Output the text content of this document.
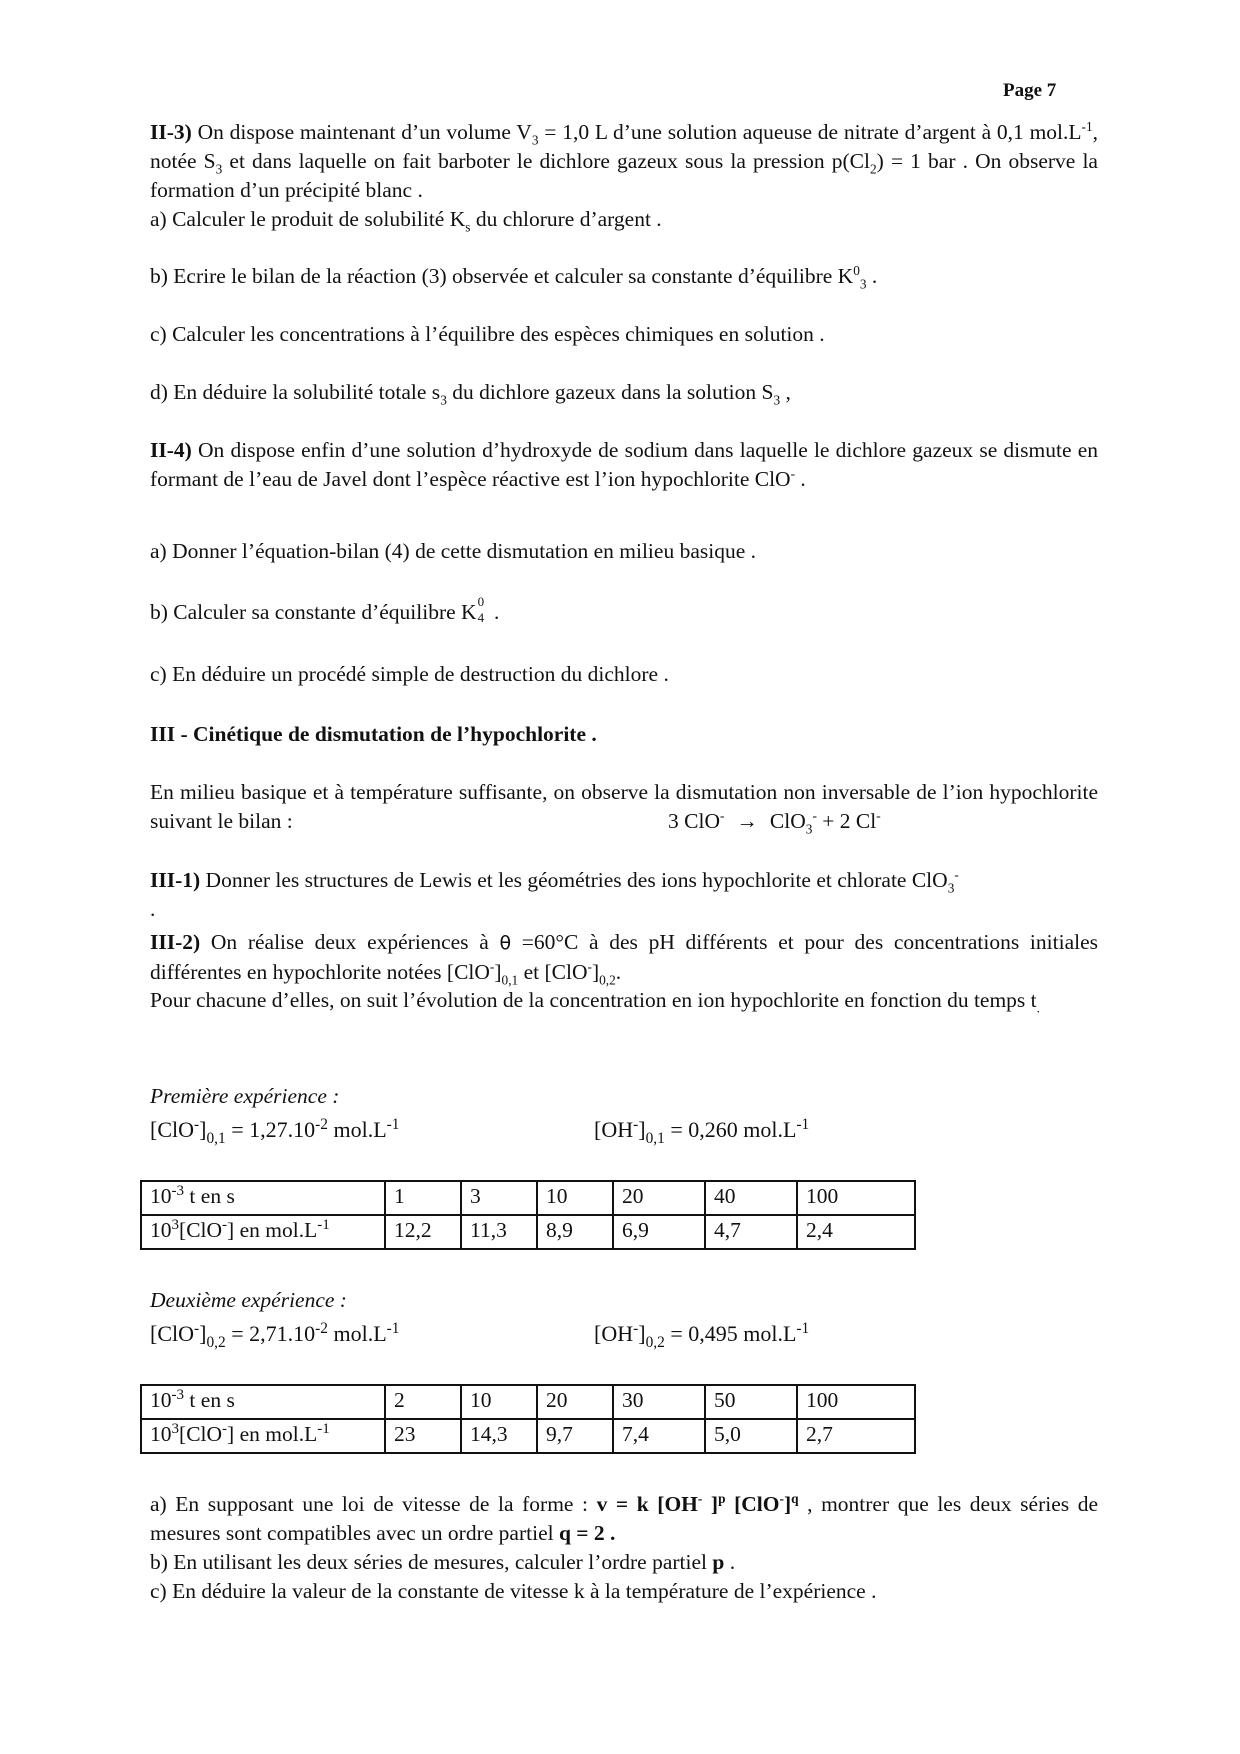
Page 7
II-3) On dispose maintenant d’un volume $V_3 = 1,0$ L d’une solution aqueuse de nitrate d’argent à 0,1 $mol.L^{-1}$, notée $S_3$ et dans laquelle on fait barboter le dichlore gazeux sous la pression $p(Cl_2) = 1$ bar . On observe la formation d’un précipité blanc .
a) Calculer le produit de solubilité $K_s$ du chlorure d’argent .
b) Ecrire le bilan de la réaction (3) observée et calculer sa constante d’équilibre $K^0_3$ .
c) Calculer les concentrations à l’équilibre des espèces chimiques en solution .
d) En déduire la solubilité totale $s_3$ du dichlore gazeux dans la solution $S_3$ ,
II-4) On dispose enfin d’une solution d’hydroxyde de sodium dans laquelle le dichlore gazeux se dismute en formant de l’eau de Javel dont l’espèce réactive est l’ion hypochlorite ClO- .
a) Donner l’équation-bilan (4) de cette dismutation en milieu basique .
b) Calculer sa constante d’équilibre K 0
4 .
c) En déduire un procédé simple de destruction du dichlore .
III - Cinétique de dismutation de l’hypochlorite .
En milieu basique et à température suffisante, on observe la dismutation non inversable de l’ion hypochlorite suivant le bilan :	3 ClO- → ClO$_3$- + 2 Cl-
III-1) Donner les structures de Lewis et les géométries des ions hypochlorite et chlorate ClO$_3$-
.
III-2) On réalise deux expériences à θ =60°C à des pH différents et pour des concentrations initiales différentes en hypochlorite notées $[ClO^-]_{0,1}$ et $[ClO^-]_{0,2}$.
Pour chacune d’elles, on suit l’évolution de la concentration en ion hypochlorite en fonction du temps $t_.$
Première expérience :
$[ClO^-]_{0,1} = 1,27.10^{-2}$ $mol.L^{-1}$	$[OH^-]_{0,1} = 0,260$ $mol.L^{-1}$
$10^{-3}$ t en s	1	3	10	20	40	100
$10^3[ClO^-]$ en $mol.L^{-1}$	12,2	11,3	8,9	6,9	4,7	2,4
Deuxième expérience :
$[ClO^-]_{0,2} = 2,71.10^{-2}$ $mol.L^{-1}$	$[OH^-]_{0,2} = 0,495$ $mol.L^{-1}$
$10^{-3}$ t en s	2	10	20	30	50	100
$10^3[ClO^-]$ en $mol.L^{-1}$	23	14,3	9,7	7,4	5,0	2,7
a) En supposant une loi de vitesse de la forme : v = k [OH- ]$^p$ $[ClO^-]^q$ , montrer que les deux séries de mesures sont compatibles avec un ordre partiel q = 2 .
b) En utilisant les deux séries de mesures, calculer l’ordre partiel p .
c) En déduire la valeur de la constante de vitesse k à la température de l’expérience .
